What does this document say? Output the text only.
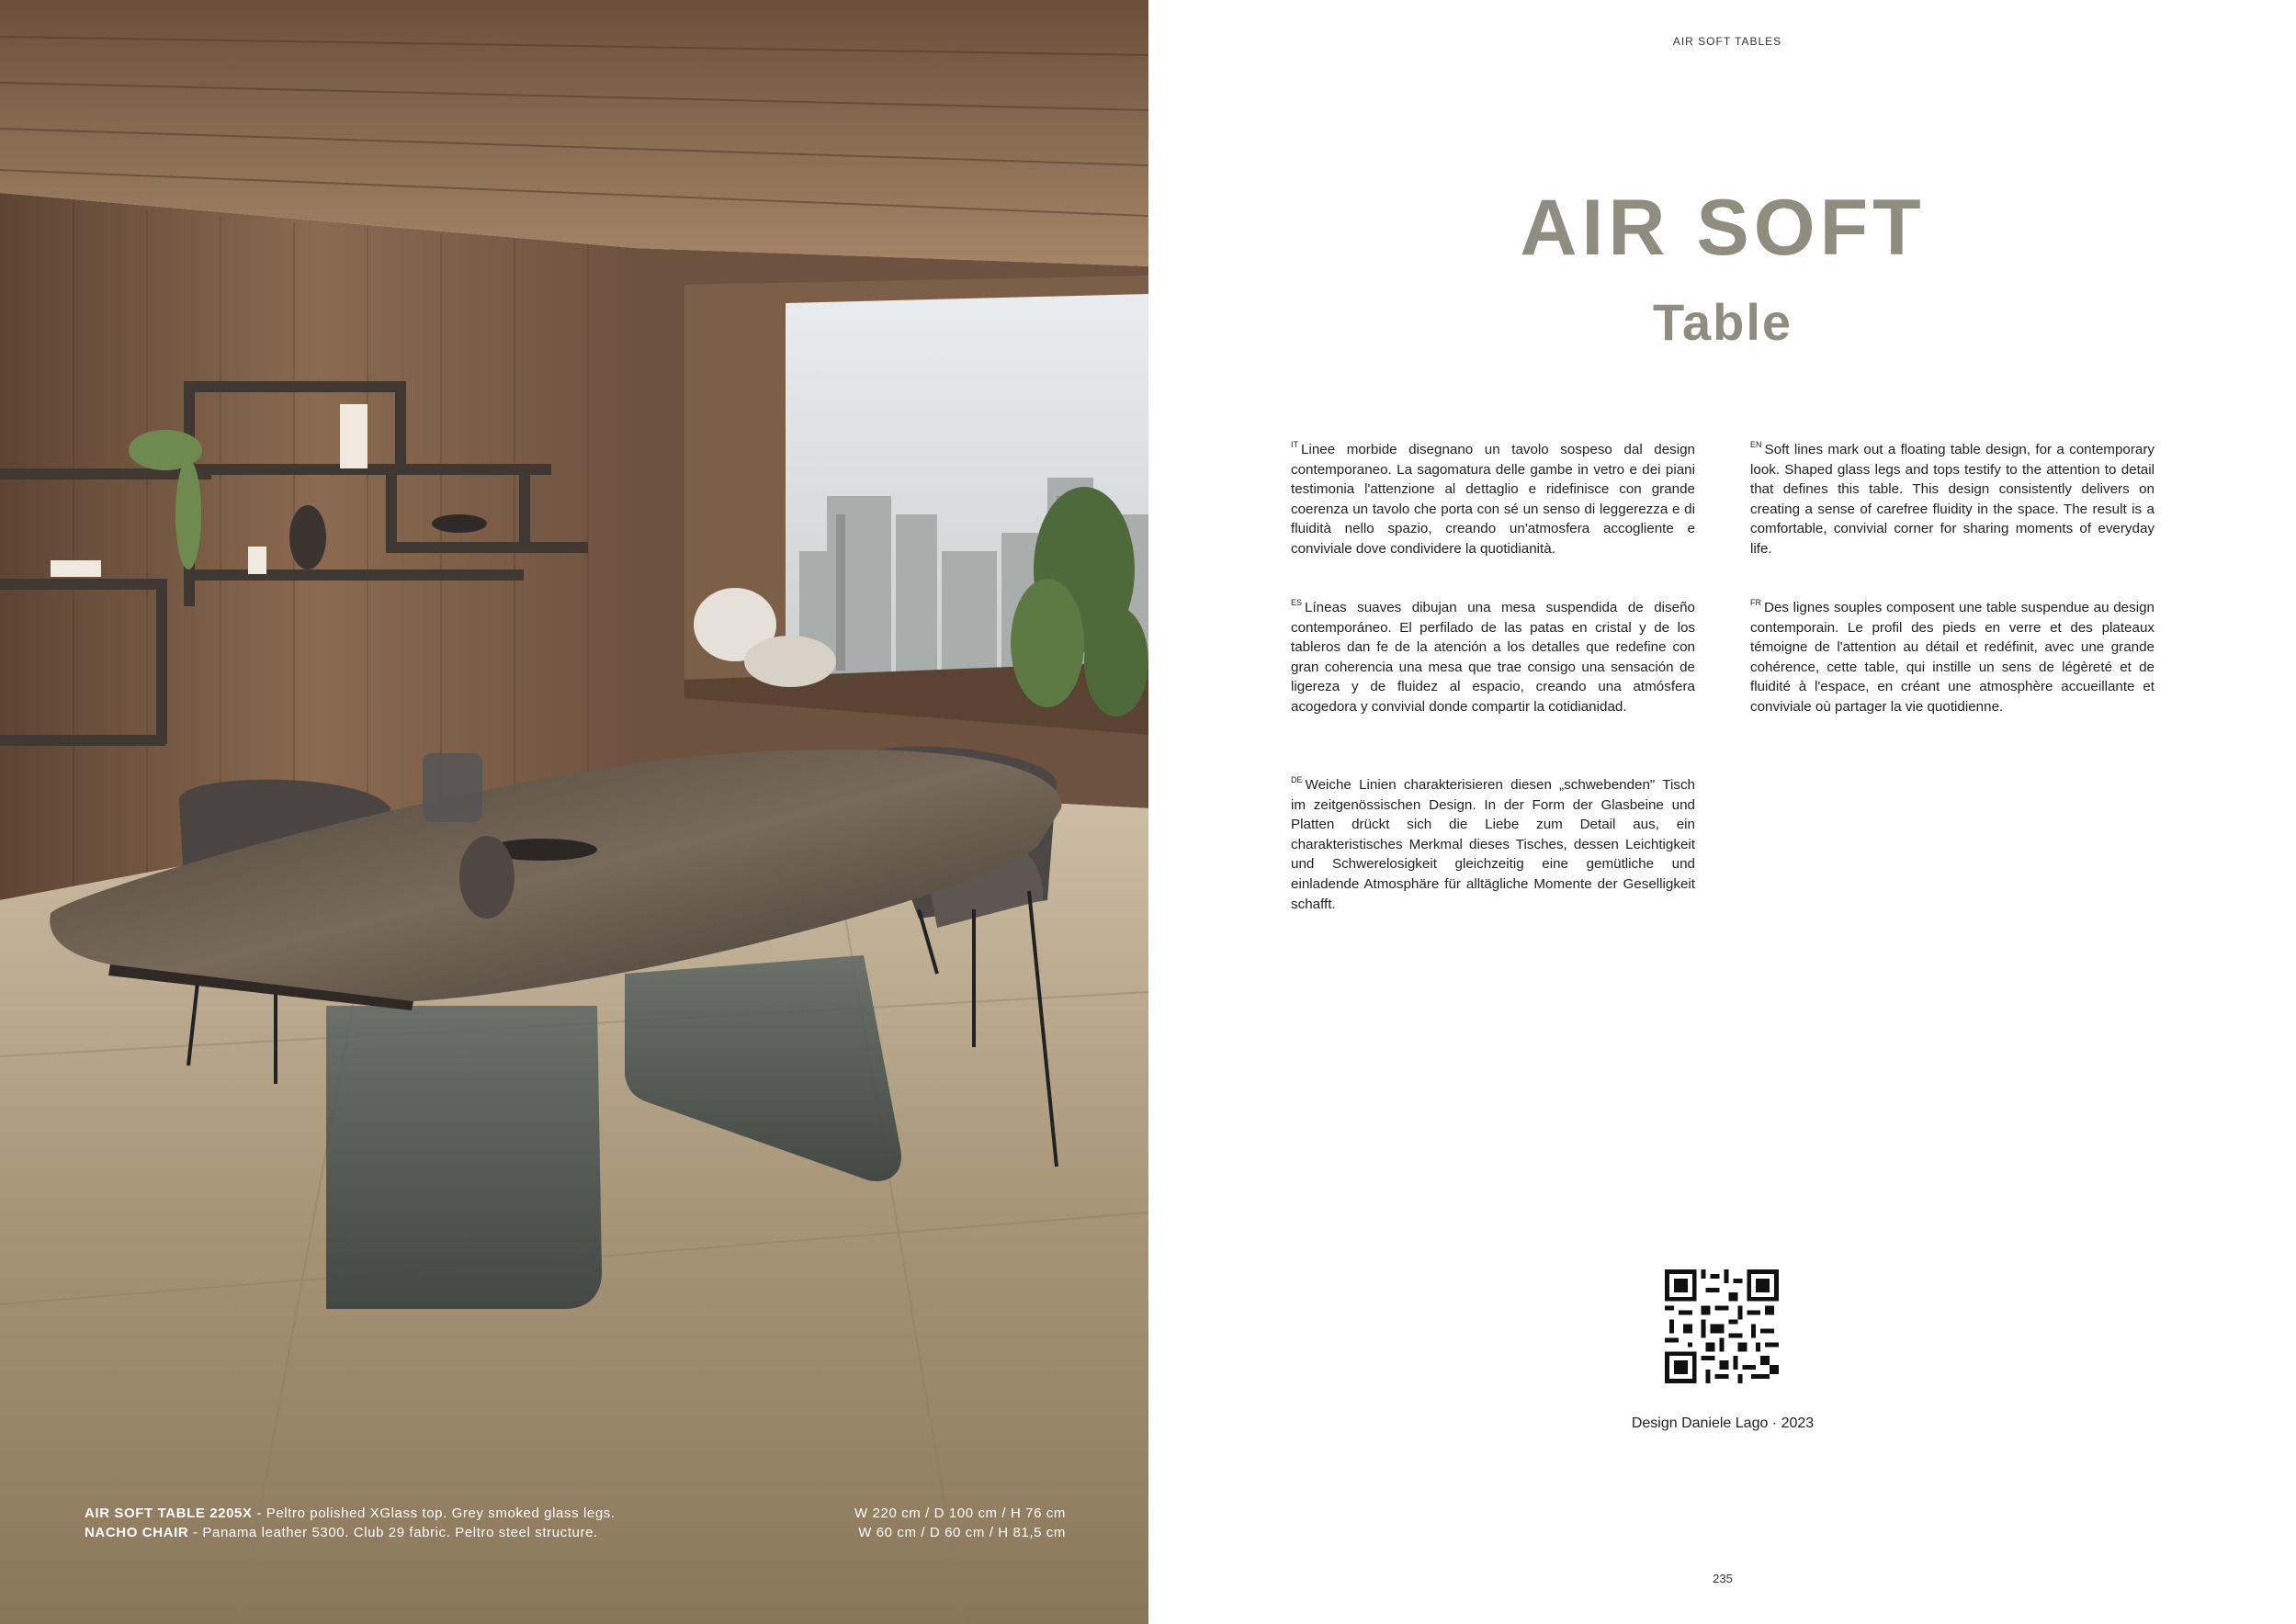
AIR SOFT TABLE 2205X - Peltro polished XGlass top. Grey smoked glass legs.
NACHO CHAIR - Panama leather 5300. Club 29 fabric. Peltro steel structure.
W 220 cm / D 100 cm / H 76 cm
W 60 cm / D 60 cm / H 81,5 cm
AIR SOFT TABLES
AIR SOFT
Table
$^{IT}$ Linee morbide disegnano un tavolo sospeso dal design contemporaneo. La sagomatura delle gambe in vetro e dei piani testimonia l'attenzione al dettaglio e ridefinisce con grande coerenza un tavolo che porta con sé un senso di leggerezza e di fluidità nello spazio, creando un'atmosfera accogliente e conviviale dove condividere la quotidianità.
$^{EN}$ Soft lines mark out a floating table design, for a contemporary look. Shaped glass legs and tops testify to the attention to detail that defines this table. This design consistently delivers on creating a sense of carefree fluidity in the space. The result is a comfortable, convivial corner for sharing moments of everyday life.
$^{ES}$ Líneas suaves dibujan una mesa suspendida de diseño contemporáneo. El perfilado de las patas en cristal y de los tableros dan fe de la atención a los detalles que redefine con gran coherencia una mesa que trae consigo una sensación de ligereza y de fluidez al espacio, creando una atmósfera acogedora y convivial donde compartir la cotidianidad.
$^{FR}$ Des lignes souples composent une table suspendue au design contemporain. Le profil des pieds en verre et des plateaux témoigne de l'attention au détail et redéfinit, avec une grande cohérence, cette table, qui instille un sens de légèreté et de fluidité à l'espace, en créant une atmosphère accueillante et conviviale où partager la vie quotidienne.
$^{DE}$ Weiche Linien charakterisieren diesen „schwebenden" Tisch im zeitgenössischen Design. In der Form der Glasbeine und Platten drückt sich die Liebe zum Detail aus, ein charakteristisches Merkmal dieses Tisches, dessen Leichtigkeit und Schwerelosigkeit gleichzeitig eine gemütliche und einladende Atmosphäre für alltägliche Momente der Geselligkeit schafft.
Design Daniele Lago · 2023
235
